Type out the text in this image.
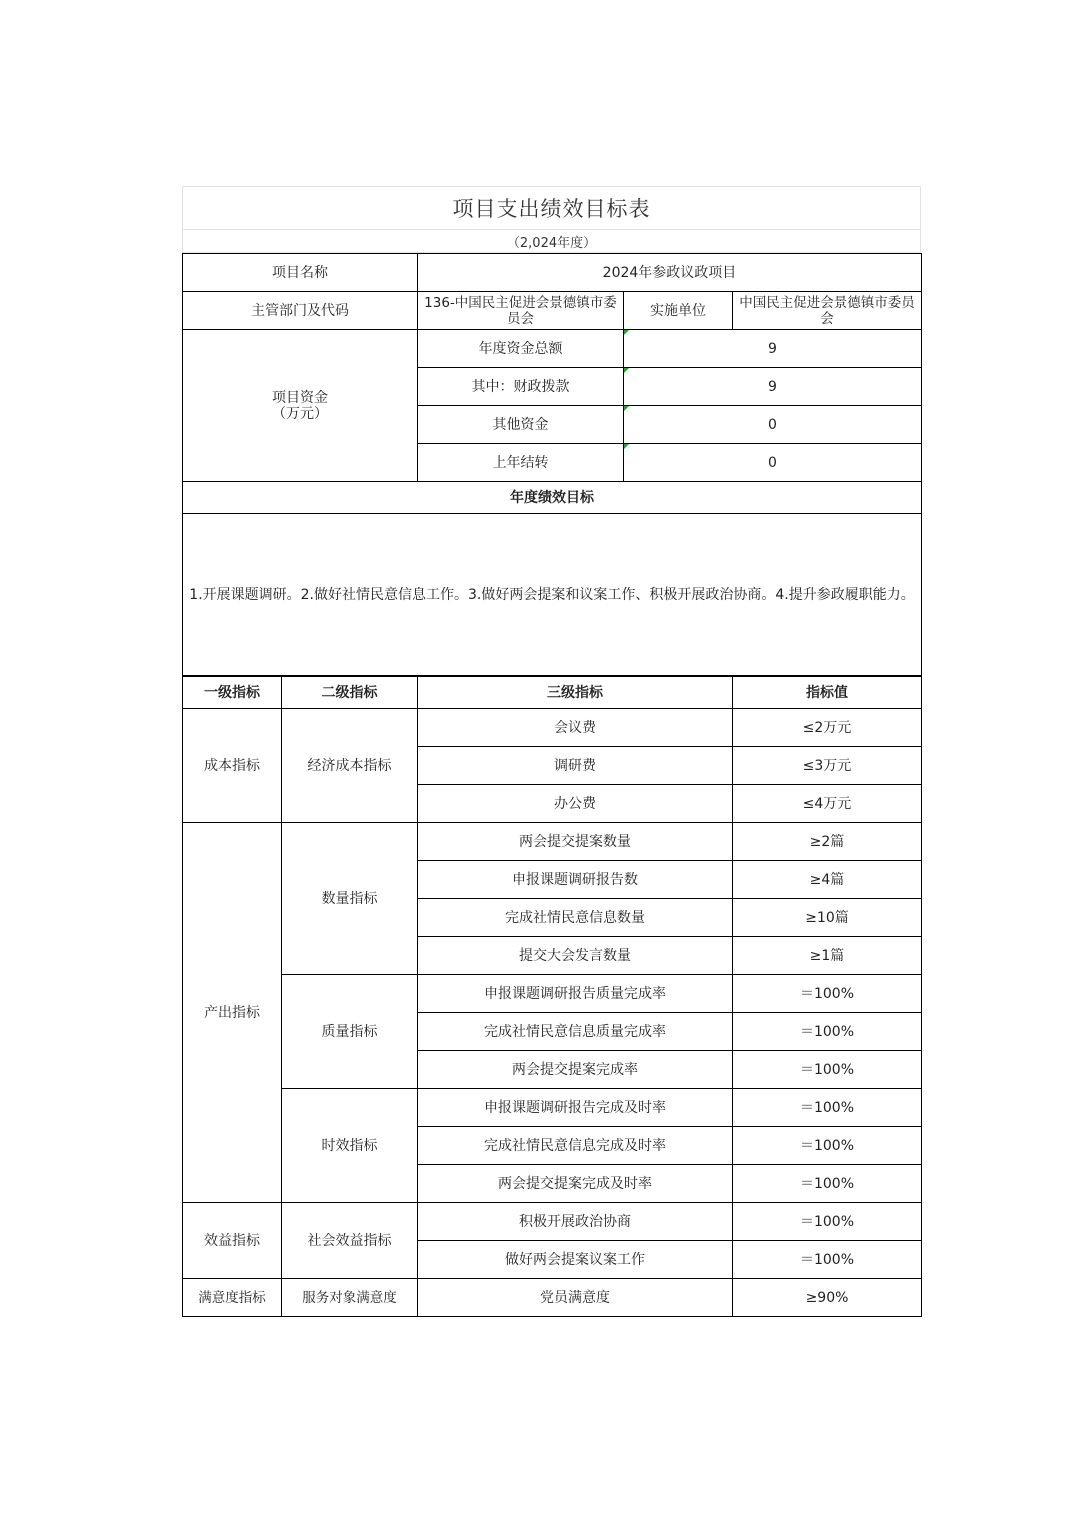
项目支出绩效目标表
（2,024年度）
项目名称	2024年参政议政项目		
主管部门及代码	136-中国民主促进会景德镇市委员会	实施单位	中国民主促进会景德镇市委员会
项目资金
（万元）	年度资金总额	9	
	其中：财政拨款	9	
	其他资金	0	
	上年结转	0	
年度绩效目标			
1.开展课题调研。2.做好社情民意信息工作。3.做好两会提案和议案工作、积极开展政治协商。4.提升参政履职能力。			
一级指标	二级指标	三级指标	指标值
成本指标	经济成本指标	会议费	≤2万元
		调研费	≤3万元
		办公费	≤4万元
产出指标	数量指标	两会提交提案数量	≥2篇
		申报课题调研报告数	≥4篇
		完成社情民意信息数量	≥10篇
		提交大会发言数量	≥1篇
	质量指标	申报课题调研报告质量完成率	＝100%
		完成社情民意信息质量完成率	＝100%
		两会提交提案完成率	＝100%
	时效指标	申报课题调研报告完成及时率	＝100%
		完成社情民意信息完成及时率	＝100%
		两会提交提案完成及时率	＝100%
效益指标	社会效益指标	积极开展政治协商	＝100%
		做好两会提案议案工作	＝100%
满意度指标	服务对象满意度	党员满意度	≥90%
